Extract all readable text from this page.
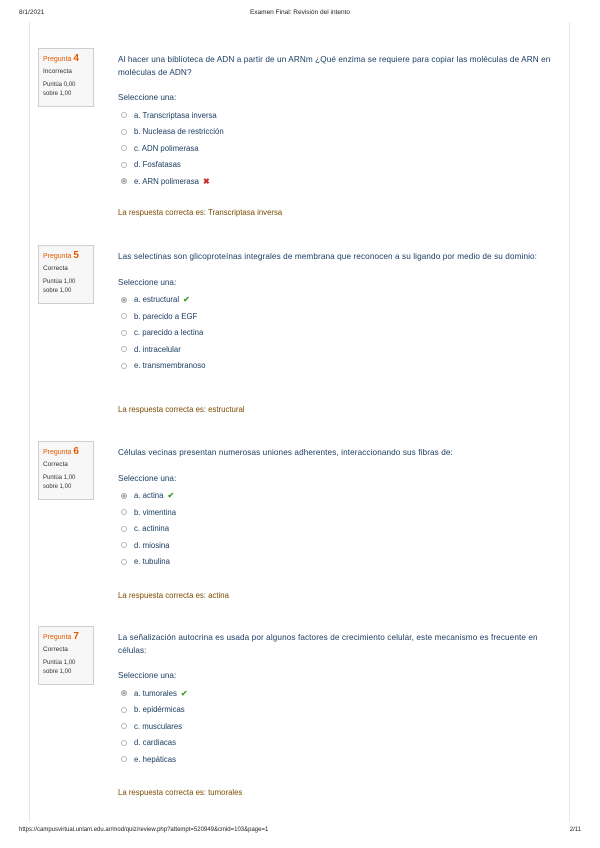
8/1/2021	Examen Final: Revisión del intento
Pregunta 4
Incorrecta
Puntúa 0,00
sobre 1,00
Al hacer una biblioteca de ADN a partir de un ARNm ¿Qué enzima se requiere para copiar las moléculas de ARN en moléculas de ADN?
Seleccione una:
a. Transcriptasa inversa
b. Nucleasa de restricción
c. ADN polimerasa
d. Fosfatasas
e. ARN polimerasa ✖
La respuesta correcta es: Transcriptasa inversa
Pregunta 5
Correcta
Puntúa 1,00
sobre 1,00
Las selectinas son glicoproteínas integrales de membrana que reconocen a su ligando por medio de su dominio:
Seleccione una:
a. estructural ✔
b. parecido a EGF
c. parecido a lectina
d. intracelular
e. transmembranoso
La respuesta correcta es: estructural
Pregunta 6
Correcta
Puntúa 1,00
sobre 1,00
Células vecinas presentan numerosas uniones adherentes, interaccionando sus fibras de:
Seleccione una:
a. actina ✔
b. vimentina
c. actinina
d. miosina
e. tubulina
La respuesta correcta es: actina
Pregunta 7
Correcta
Puntúa 1,00
sobre 1,00
La señalización autocrina es usada por algunos factores de crecimiento celular, este mecanismo es frecuente en células:
Seleccione una:
a. tumorales ✔
b. epidérmicas
c. musculares
d. cardiacas
e. hepáticas
La respuesta correcta es: tumorales
https://campusvirtual.unlam.edu.ar/mod/quiz/review.php?attempt=520949&cmid=103&page=1	2/11
